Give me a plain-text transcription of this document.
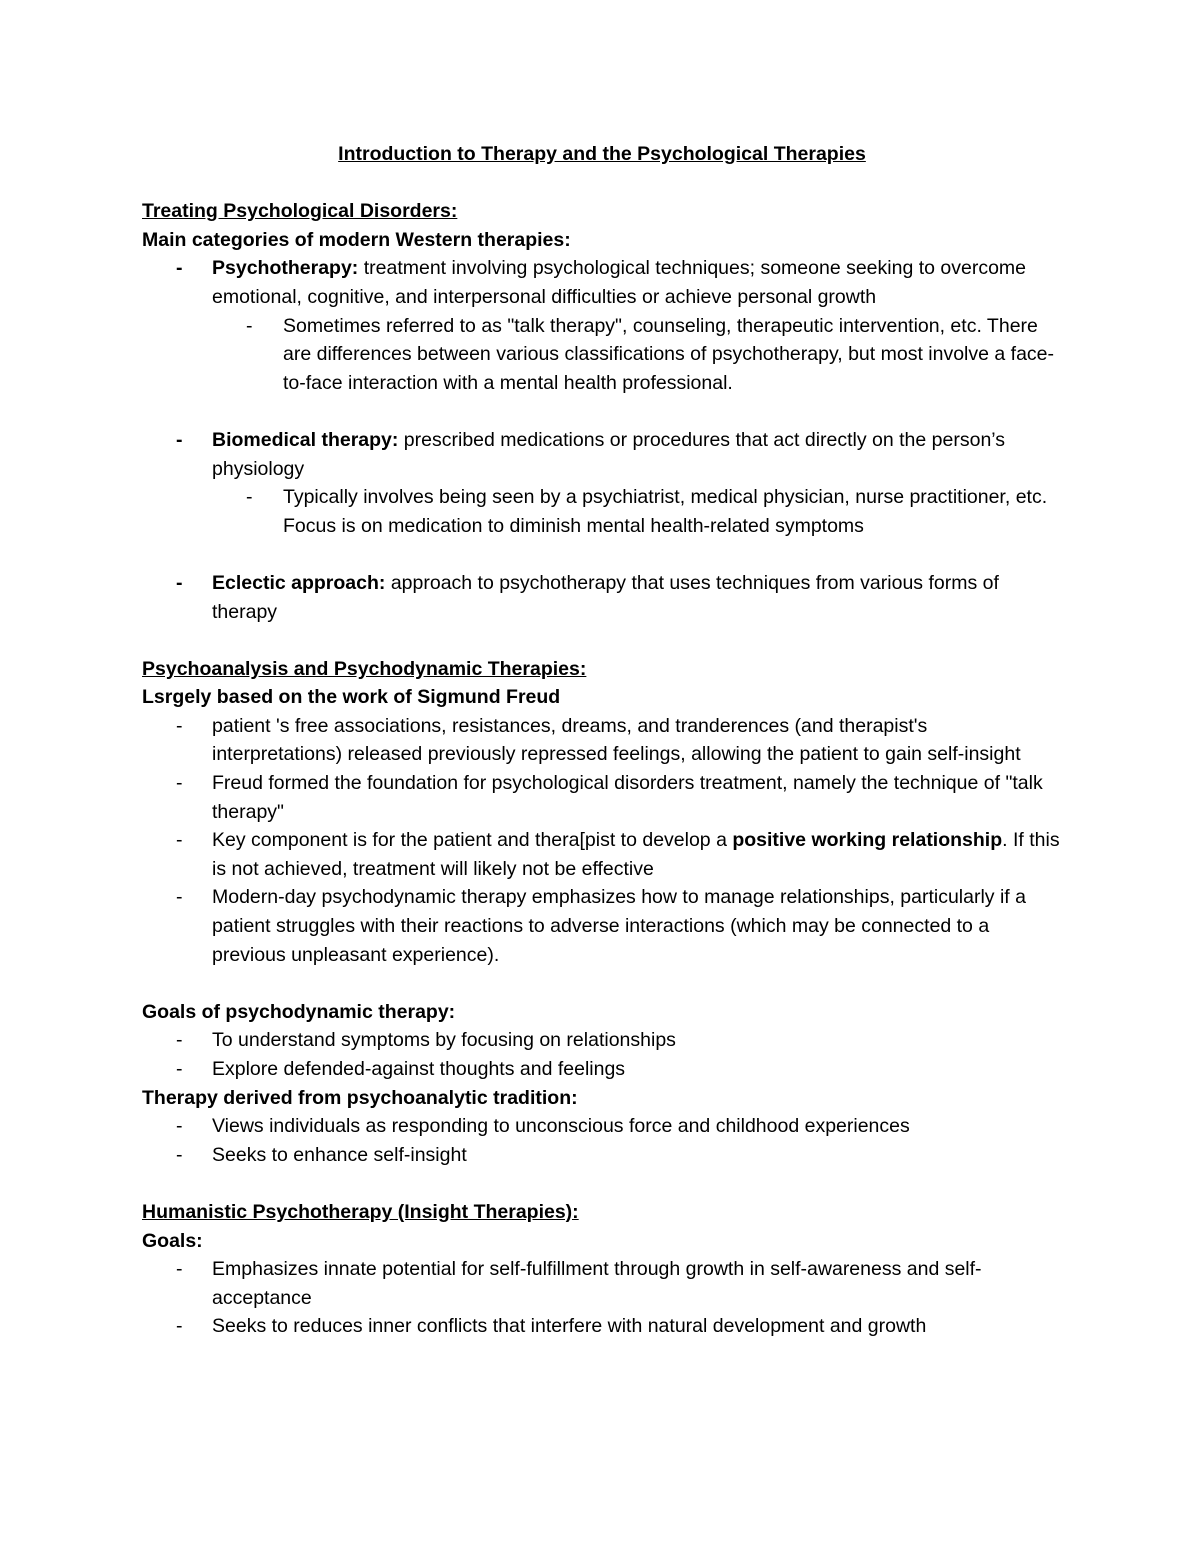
Introduction to Therapy and the Psychological Therapies
Treating Psychological Disorders:
Main categories of modern Western therapies:
- Psychotherapy: treatment involving psychological techniques; someone seeking to overcome emotional, cognitive, and interpersonal difficulties or achieve personal growth
- Sometimes referred to as "talk therapy", counseling, therapeutic intervention, etc. There are differences between various classifications of psychotherapy, but most involve a face-to-face interaction with a mental health professional.
- Biomedical therapy: prescribed medications or procedures that act directly on the person’s physiology
- Typically involves being seen by a psychiatrist, medical physician, nurse practitioner, etc. Focus is on medication to diminish mental health-related symptoms
- Eclectic approach: approach to psychotherapy that uses techniques from various forms of therapy
Psychoanalysis and Psychodynamic Therapies:
Lsrgely based on the work of Sigmund Freud
- patient 's free associations, resistances, dreams, and tranderences (and therapist's interpretations) released previously repressed feelings, allowing the patient to gain self-insight
- Freud formed the foundation for psychological disorders treatment, namely the technique of "talk therapy"
- Key component is for the patient and thera[pist to develop a positive working relationship. If this is not achieved, treatment will likely not be effective
- Modern-day psychodynamic therapy emphasizes how to manage relationships, particularly if a patient struggles with their reactions to adverse interactions (which may be connected to a previous unpleasant experience).
Goals of psychodynamic therapy:
- To understand symptoms by focusing on relationships
- Explore defended-against thoughts and feelings
Therapy derived from psychoanalytic tradition:
- Views individuals as responding to unconscious force and childhood experiences
- Seeks to enhance self-insight
Humanistic Psychotherapy (Insight Therapies):
Goals:
- Emphasizes innate potential for self-fulfillment through growth in self-awareness and self-acceptance
- Seeks to reduces inner conflicts that interfere with natural development and growth
